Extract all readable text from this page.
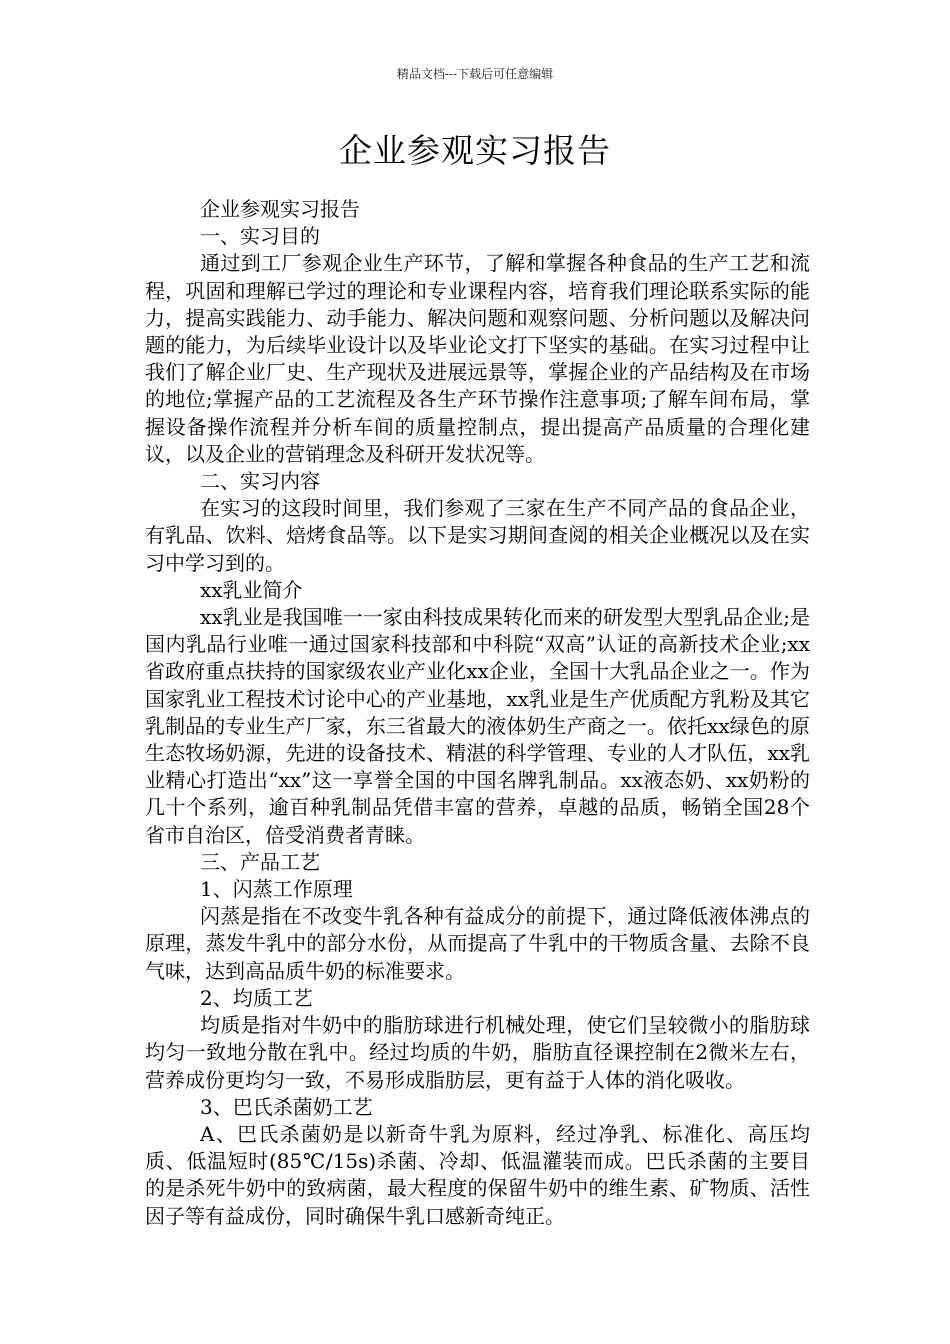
精品文档---下载后可任意编辑
企业参观实习报告

企业参观实习报告

一、实习目的

通过到工厂参观企业生产环节，了解和掌握各种食品的生产工艺和流程，巩固和理解已学过的理论和专业课程内容，培育我们理论联系实际的能力，提高实践能力、动手能力、解决问题和观察问题、分析问题以及解决问题的能力，为后续毕业设计以及毕业论文打下坚实的基础。在实习过程中让我们了解企业厂史、生产现状及进展远景等，掌握企业的产品结构及在市场的地位;掌握产品的工艺流程及各生产环节操作注意事项;了解车间布局，掌握设备操作流程并分析车间的质量控制点，提出提高产品质量的合理化建议，以及企业的营销理念及科研开发状况等。

二、实习内容

在实习的这段时间里，我们参观了三家在生产不同产品的食品企业，有乳品、饮料、焙烤食品等。以下是实习期间查阅的相关企业概况以及在实习中学习到的。

xx乳业简介

xx乳业是我国唯一一家由科技成果转化而来的研发型大型乳品企业;是国内乳品行业唯一通过国家科技部和中科院“双高”认证的高新技术企业;xx省政府重点扶持的国家级农业产业化xx企业，全国十大乳品企业之一。作为国家乳业工程技术讨论中心的产业基地，xx乳业是生产优质配方乳粉及其它乳制品的专业生产厂家，东三省最大的液体奶生产商之一。依托xx绿色的原生态牧场奶源，先进的设备技术、精湛的科学管理、专业的人才队伍，xx乳业精心打造出“xx”这一享誉全国的中国名牌乳制品。xx液态奶、xx奶粉的几十个系列，逾百种乳制品凭借丰富的营养，卓越的品质，畅销全国28个省市自治区，倍受消费者青睐。

三、产品工艺

1、闪蒸工作原理

闪蒸是指在不改变牛乳各种有益成分的前提下，通过降低液体沸点的原理，蒸发牛乳中的部分水份，从而提高了牛乳中的干物质含量、去除不良气味，达到高品质牛奶的标准要求。

2、均质工艺

均质是指对牛奶中的脂肪球进行机械处理，使它们呈较微小的脂肪球均匀一致地分散在乳中。经过均质的牛奶，脂肪直径课控制在2微米左右，营养成份更均匀一致，不易形成脂肪层，更有益于人体的消化吸收。

3、巴氏杀菌奶工艺

A、巴氏杀菌奶是以新奇牛乳为原料，经过净乳、标准化、高压均质、低温短时(85℃/15s)杀菌、冷却、低温灌装而成。巴氏杀菌的主要目的是杀死牛奶中的致病菌，最大程度的保留牛奶中的维生素、矿物质、活性因子等有益成份，同时确保牛乳口感新奇纯正。
